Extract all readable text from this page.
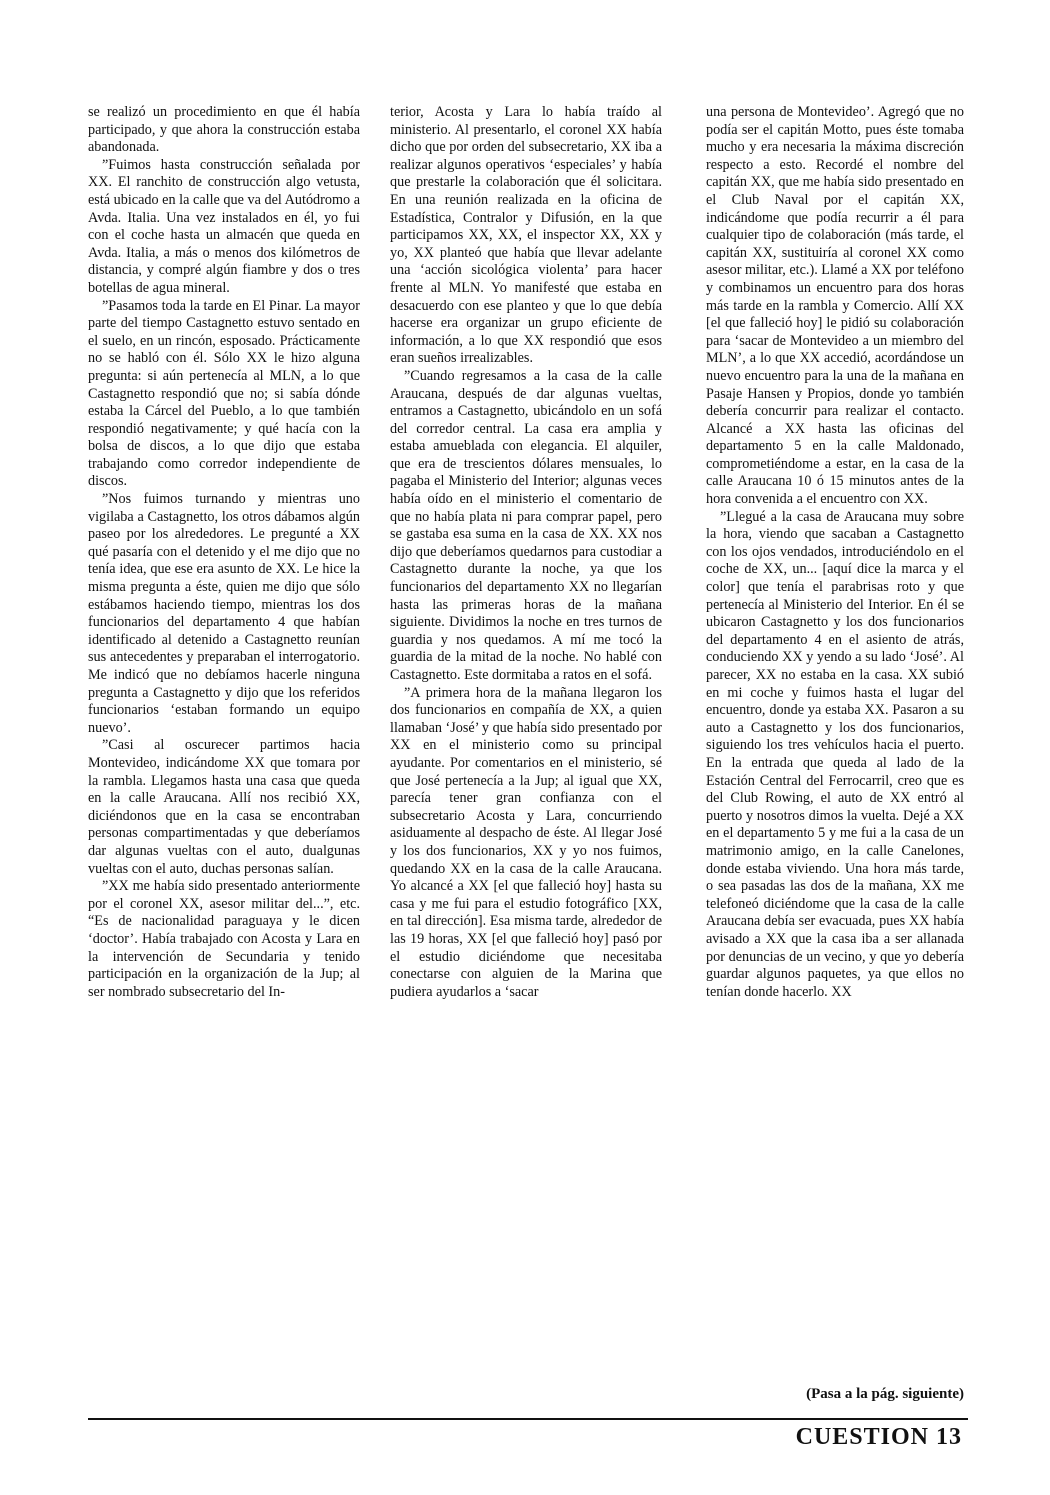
se realizó un procedimiento en que él había participado, y que ahora la construcción estaba abandonada.

”Fuimos hasta construcción señalada por XX. El ranchito de construcción algo vetusta, está ubicado en la calle que va del Autódromo a Avda. Italia. Una vez instalados en él, yo fui con el coche hasta un almacén que queda en Avda. Italia, a más o menos dos kilómetros de distancia, y compré algún fiambre y dos o tres botellas de agua mineral.

”Pasamos toda la tarde en El Pinar. La mayor parte del tiempo Castagnetto estuvo sentado en el suelo, en un rincón, esposado. Prácticamente no se habló con él. Sólo XX le hizo alguna pregunta: si aún pertenecía al MLN, a lo que Castagnetto respondió que no; si sabía dónde estaba la Cárcel del Pueblo, a lo que también respondió negativamente; y qué hacía con la bolsa de discos, a lo que dijo que estaba trabajando como corredor independiente de discos.

”Nos fuimos turnando y mientras uno vigilaba a Castagnetto, los otros dábamos algún paseo por los alrededores. Le pregunté a XX qué pasaría con el detenido y el me dijo que no tenía idea, que ese era asunto de XX. Le hice la misma pregunta a éste, quien me dijo que sólo estábamos haciendo tiempo, mientras los dos funcionarios del departamento 4 que habían identificado al detenido a Castagnetto reunían sus antecedentes y preparaban el interrogatorio. Me indicó que no debíamos hacerle ninguna pregunta a Castagnetto y dijo que los referidos funcionarios ‘estaban formando un equipo nuevo’.

”Casi al oscurecer partimos hacia Montevideo, indicándome XX que tomara por la rambla. Llegamos hasta una casa que queda en la calle Araucana. Allí nos recibió XX, diciéndonos que en la casa se encontraban personas compartimentadas y que deberíamos dar algunas vueltas con el auto, dualgunas vueltas con el auto, duchas personas salían.

”XX me había sido presentado anteriormente por el coronel XX, asesor militar del...”, etc. “Es de nacionalidad paraguaya y le dicen ‘doctor’. Había trabajado con Acosta y Lara en la intervención de Secundaria y tenido participación en la organización de la Jup; al ser nombrado subsecretario del In-

terior, Acosta y Lara lo había traído al ministerio. Al presentarlo, el coronel XX había dicho que por orden del subsecretario, XX iba a realizar algunos operativos ‘especiales’ y había que prestarle la colaboración que él solicitara. En una reunión realizada en la oficina de Estadística, Contralor y Difusión, en la que participamos XX, XX, el inspector XX, XX y yo, XX planteó que había que llevar adelante una ‘acción sicológica violenta’ para hacer frente al MLN. Yo manifesté que estaba en desacuerdo con ese planteo y que lo que debía hacerse era organizar un grupo eficiente de información, a lo que XX respondió que esos eran sueños irrealizables.

”Cuando regresamos a la casa de la calle Araucana, después de dar algunas vueltas, entramos a Castagnetto, ubicándolo en un sofá del corredor central. La casa era amplia y estaba amueblada con elegancia. El alquiler, que era de trescientos dólares mensuales, lo pagaba el Ministerio del Interior; algunas veces había oído en el ministerio el comentario de que no había plata ni para comprar papel, pero se gastaba esa suma en la casa de XX. XX nos dijo que deberíamos quedarnos para custodiar a Castagnetto durante la noche, ya que los funcionarios del departamento XX no llegarían hasta las primeras horas de la mañana siguiente. Dividimos la noche en tres turnos de guardia y nos quedamos. A mí me tocó la guardia de la mitad de la noche. No hablé con Castagnetto. Este dormitaba a ratos en el sofá.

”A primera hora de la mañana llegaron los dos funcionarios en compañía de XX, a quien llamaban ‘José’ y que había sido presentado por XX en el ministerio como su principal ayudante. Por comentarios en el ministerio, sé que José pertenecía a la Jup; al igual que XX, parecía tener gran confianza con el subsecretario Acosta y Lara, concurriendo asiduamente al despacho de éste. Al llegar José y los dos funcionarios, XX y yo nos fuimos, quedando XX en la casa de la calle Araucana. Yo alcancé a XX [el que falleció hoy] hasta su casa y me fui para el estudio fotográfico [XX, en tal dirección]. Esa misma tarde, alrededor de las 19 horas, XX [el que falleció hoy] pasó por el estudio diciéndome que necesitaba conectarse con alguien de la Marina que pudiera ayudarlos a ‘sacar

una persona de Montevideo’. Agregó que no podía ser el capitán Motto, pues éste tomaba mucho y era necesaria la máxima discreción respecto a esto. Recordé el nombre del capitán XX, que me había sido presentado en el Club Naval por el capitán XX, indicándome que podía recurrir a él para cualquier tipo de colaboración (más tarde, el capitán XX, sustituiría al coronel XX como asesor militar, etc.). Llamé a XX por teléfono y combinamos un encuentro para dos horas más tarde en la rambla y Comercio. Allí XX [el que falleció hoy] le pidió su colaboración para ‘sacar de Montevideo a un miembro del MLN’, a lo que XX accedió, acordándose un nuevo encuentro para la una de la mañana en Pasaje Hansen y Propios, donde yo también debería concurrir para realizar el contacto. Alcancé a XX hasta las oficinas del departamento 5 en la calle Maldonado, comprometiéndome a estar, en la casa de la calle Araucana 10 ó 15 minutos antes de la hora convenida a el encuentro con XX.

”Llegué a la casa de Araucana muy sobre la hora, viendo que sacaban a Castagnetto con los ojos vendados, introduciéndolo en el coche de XX, un... [aquí dice la marca y el color] que tenía el parabrisas roto y que pertenecía al Ministerio del Interior. En él se ubicaron Castagnetto y los dos funcionarios del departamento 4 en el asiento de atrás, conduciendo XX y yendo a su lado ‘José’. Al parecer, XX no estaba en la casa. XX subió en mi coche y fuimos hasta el lugar del encuentro, donde ya estaba XX. Pasaron a su auto a Castagnetto y los dos funcionarios, siguiendo los tres vehículos hacia el puerto. En la entrada que queda al lado de la Estación Central del Ferrocarril, creo que es del Club Rowing, el auto de XX entró al puerto y nosotros dimos la vuelta. Dejé a XX en el departamento 5 y me fui a la casa de un matrimonio amigo, en la calle Canelones, donde estaba viviendo. Una hora más tarde, o sea pasadas las dos de la mañana, XX me telefoneó diciéndome que la casa de la calle Araucana debía ser evacuada, pues XX había avisado a XX que la casa iba a ser allanada por denuncias de un vecino, y que yo debería guardar algunos paquetes, ya que ellos no tenían donde hacerlo. XX

(Pasa a la pág. siguiente)
CUESTION 13
